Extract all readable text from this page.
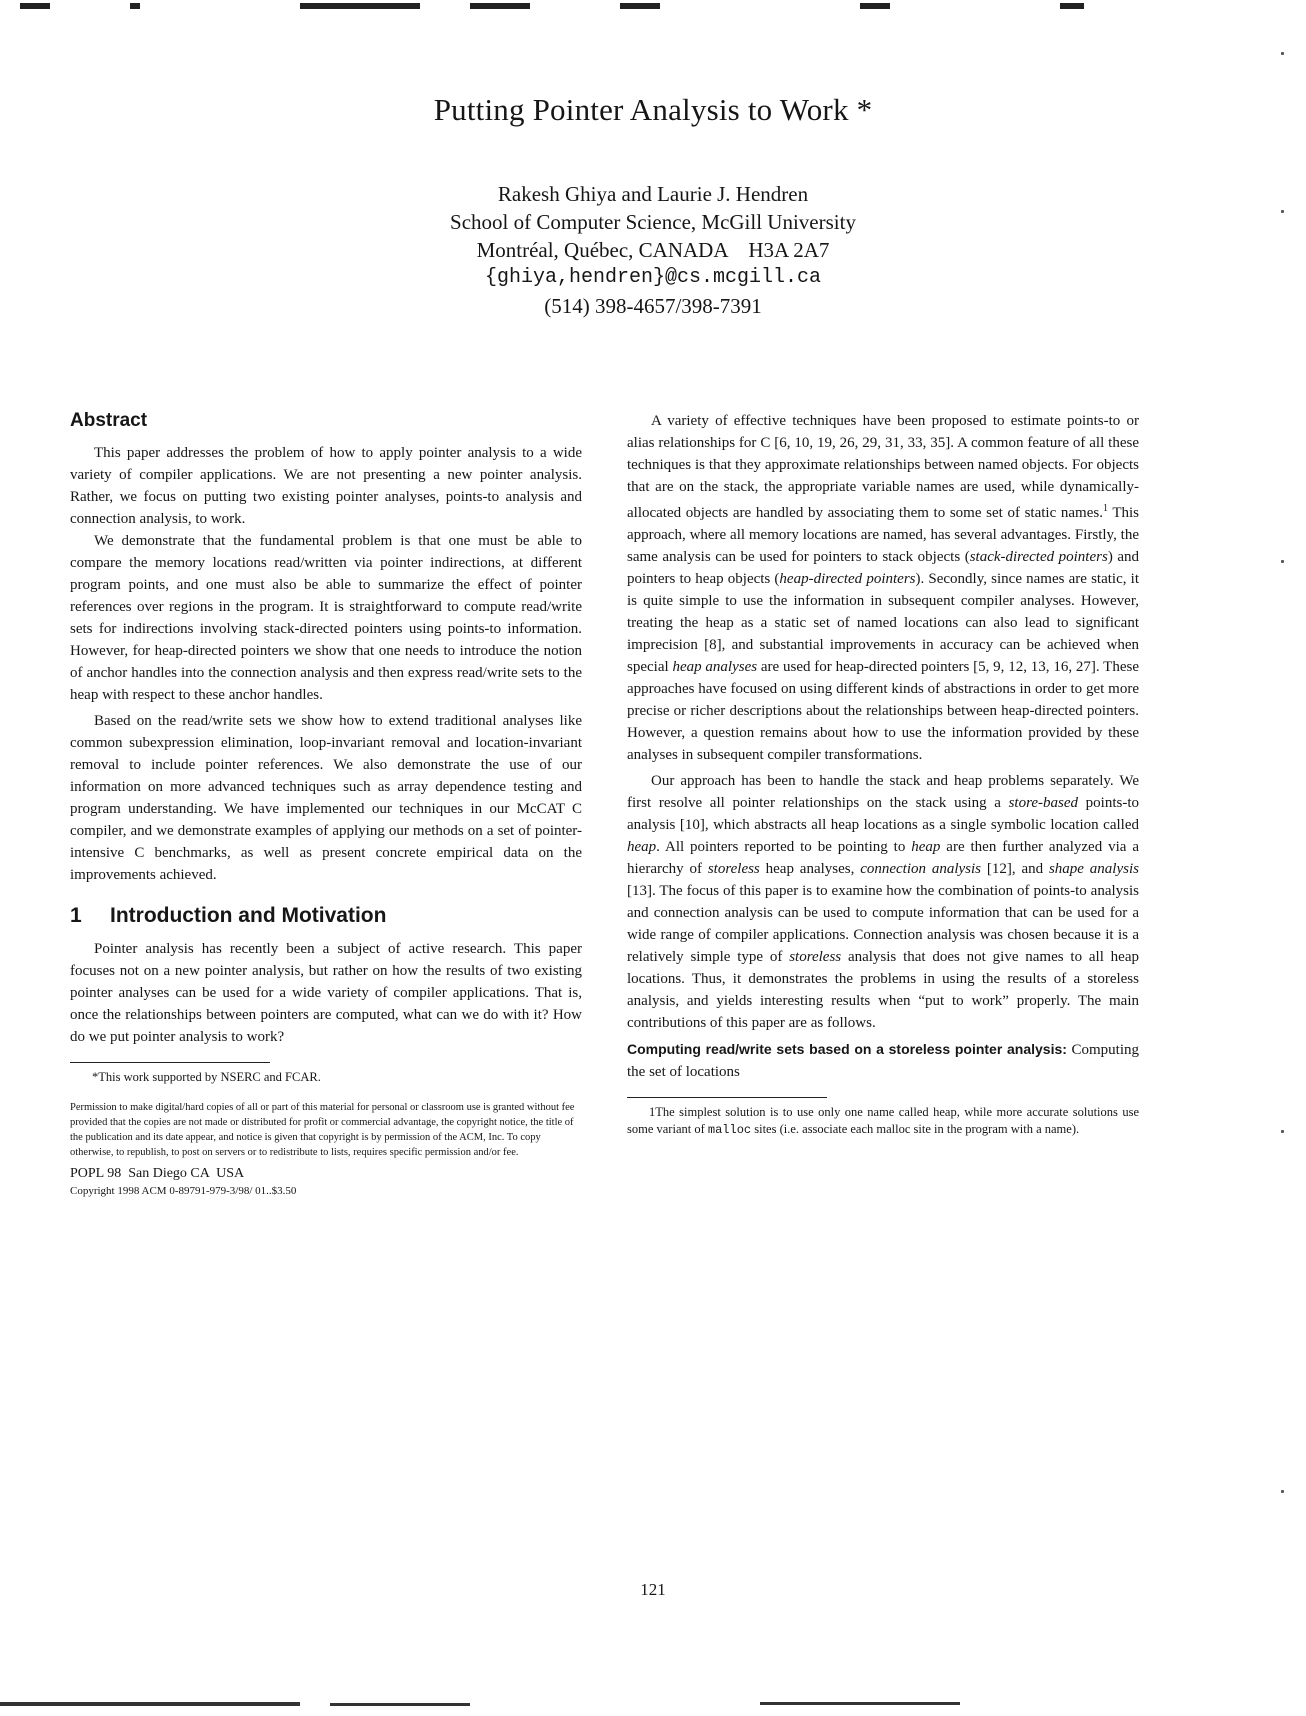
Putting Pointer Analysis to Work *
Rakesh Ghiya and Laurie J. Hendren
School of Computer Science, McGill University
Montréal, Québec, CANADA    H3A 2A7
{ghiya,hendren}@cs.mcgill.ca
(514) 398-4657/398-7391
Abstract

This paper addresses the problem of how to apply pointer analysis to a wide variety of compiler applications. We are not presenting a new pointer analysis. Rather, we focus on putting two existing pointer analyses, points-to analysis and connection analysis, to work.

We demonstrate that the fundamental problem is that one must be able to compare the memory locations read/written via pointer indirections, at different program points, and one must also be able to summarize the effect of pointer references over regions in the program. It is straightforward to compute read/write sets for indirections involving stack-directed pointers using points-to information. However, for heap-directed pointers we show that one needs to introduce the notion of anchor handles into the connection analysis and then express read/write sets to the heap with respect to these anchor handles.

Based on the read/write sets we show how to extend traditional analyses like common subexpression elimination, loop-invariant removal and location-invariant removal to include pointer references. We also demonstrate the use of our information on more advanced techniques such as array dependence testing and program understanding. We have implemented our techniques in our McCAT C compiler, and we demonstrate examples of applying our methods on a set of pointer-intensive C benchmarks, as well as present concrete empirical data on the improvements achieved.

1 Introduction and Motivation

Pointer analysis has recently been a subject of active research. This paper focuses not on a new pointer analysis, but rather on how the results of two existing pointer analyses can be used for a wide variety of compiler applications. That is, once the relationships between pointers are computed, what can we do with it? How do we put pointer analysis to work?

*This work supported by NSERC and FCAR.
Permission to make digital/hard copies of all or part of this material for personal or classroom use is granted without fee provided that the copies are not made or distributed for profit or commercial advantage, the copyright notice, the title of the publication and its date appear, and notice is given that copyright is by permission of the ACM, Inc. To copy otherwise, to republish, to post on servers or to redistribute to lists, requires specific permission and/or fee.
POPL 98  San Diego CA  USA
Copyright 1998 ACM 0-89791-979-3/98/ 01..$3.50

A variety of effective techniques have been proposed to estimate points-to or alias relationships for C [6, 10, 19, 26, 29, 31, 33, 35]. A common feature of all these techniques is that they approximate relationships between named objects. For objects that are on the stack, the appropriate variable names are used, while dynamically-allocated objects are handled by associating them to some set of static names.$^1$ This approach, where all memory locations are named, has several advantages. Firstly, the same analysis can be used for pointers to stack objects (stack-directed pointers) and pointers to heap objects (heap-directed pointers). Secondly, since names are static, it is quite simple to use the information in subsequent compiler analyses. However, treating the heap as a static set of named locations can also lead to significant imprecision [8], and substantial improvements in accuracy can be achieved when special heap analyses are used for heap-directed pointers [5, 9, 12, 13, 16, 27]. These approaches have focused on using different kinds of abstractions in order to get more precise or richer descriptions about the relationships between heap-directed pointers. However, a question remains about how to use the information provided by these analyses in subsequent compiler transformations.

Our approach has been to handle the stack and heap problems separately. We first resolve all pointer relationships on the stack using a store-based points-to analysis [10], which abstracts all heap locations as a single symbolic location called heap. All pointers reported to be pointing to heap are then further analyzed via a hierarchy of storeless heap analyses, connection analysis [12], and shape analysis [13]. The focus of this paper is to examine how the combination of points-to analysis and connection analysis can be used to compute information that can be used for a wide range of compiler applications. Connection analysis was chosen because it is a relatively simple type of storeless analysis that does not give names to all heap locations. Thus, it demonstrates the problems in using the results of a storeless analysis, and yields interesting results when “put to work” properly. The main contributions of this paper are as follows.

Computing read/write sets based on a storeless pointer analysis: Computing the set of locations

1The simplest solution is to use only one name called heap, while more accurate solutions use some variant of malloc sites (i.e. associate each malloc site in the program with a name).
121
